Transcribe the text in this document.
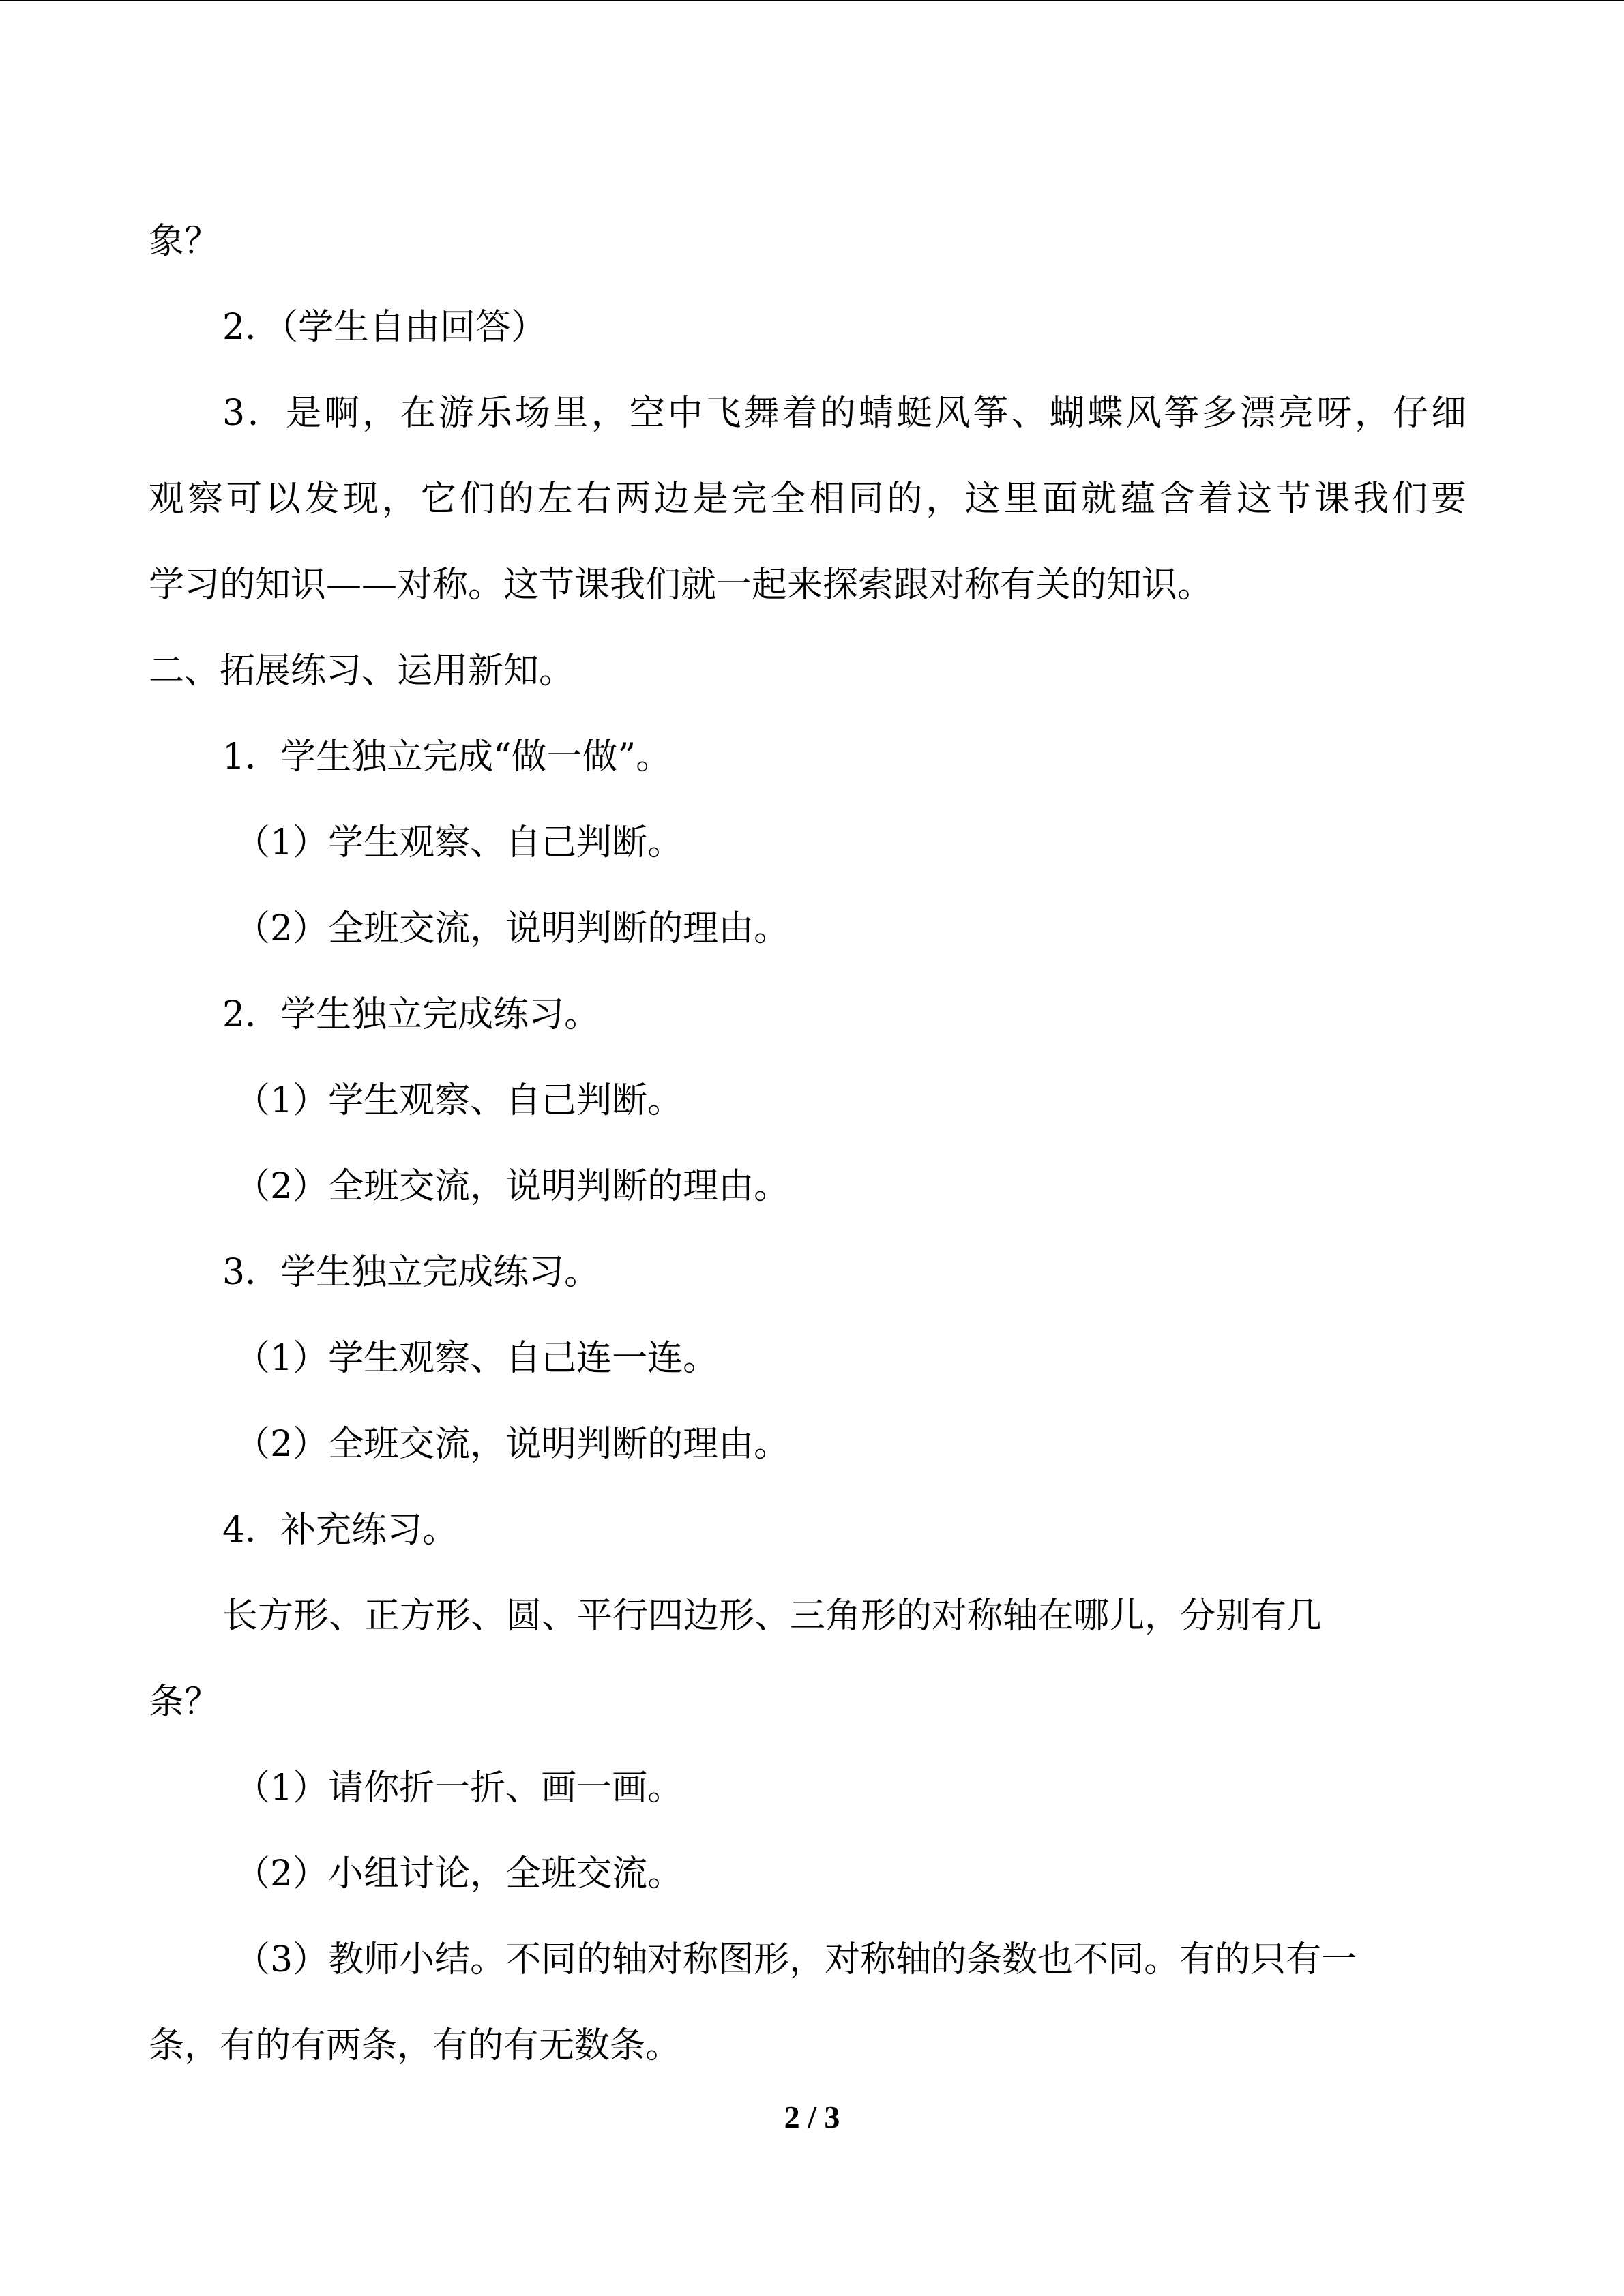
象？
2．（学生自由回答）
3．是啊，在游乐场里，空中飞舞着的蜻蜓风筝、蝴蝶风筝多漂亮呀，仔细
观察可以发现，它们的左右两边是完全相同的，这里面就蕴含着这节课我们要
学习的知识——对称。这节课我们就一起来探索跟对称有关的知识。
二、拓展练习、运用新知。
1．学生独立完成“做一做”。
（1）学生观察、自己判断。
（2）全班交流，说明判断的理由。
2．学生独立完成练习。
（1）学生观察、自己判断。
（2）全班交流，说明判断的理由。
3．学生独立完成练习。
（1）学生观察、自己连一连。
（2）全班交流，说明判断的理由。
4．补充练习。
长方形、正方形、圆、平行四边形、三角形的对称轴在哪儿，分别有几
条？
（1）请你折一折、画一画。
（2）小组讨论，全班交流。
（3）教师小结。不同的轴对称图形，对称轴的条数也不同。有的只有一
条，有的有两条，有的有无数条。
2 / 3
